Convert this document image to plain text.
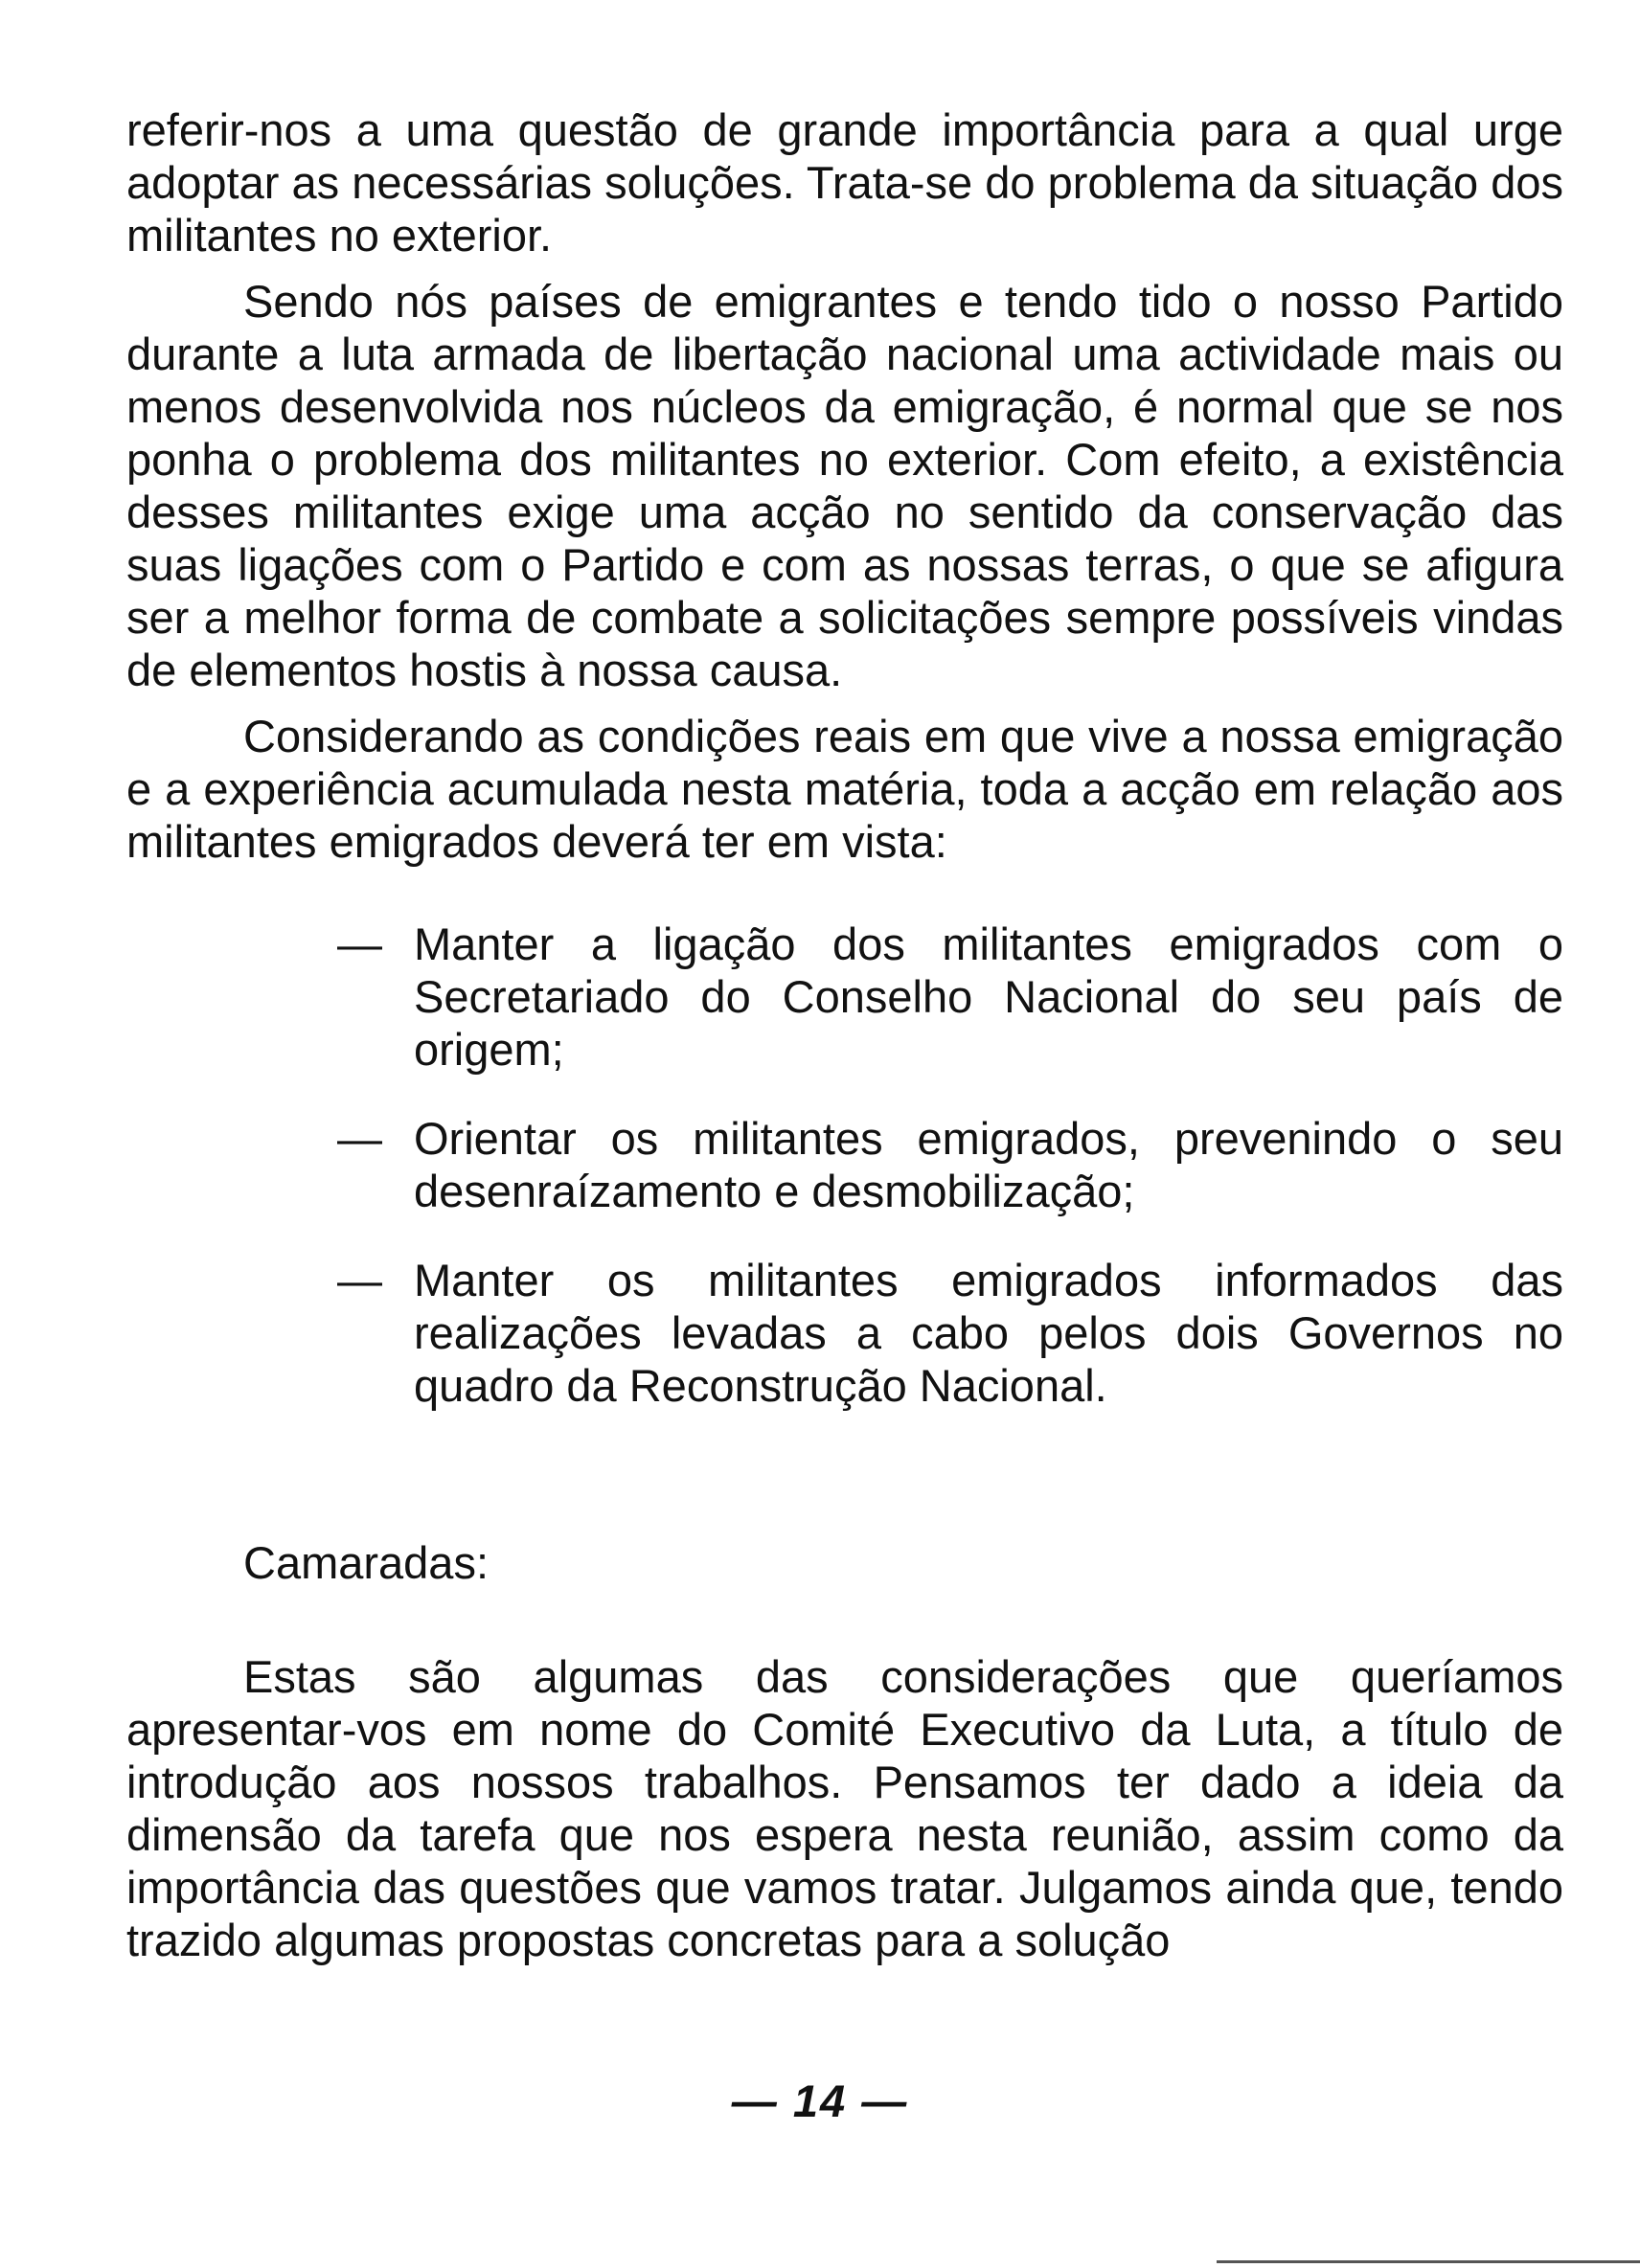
referir-nos a uma questão de grande importância para a qual urge adoptar as necessárias soluções. Trata-se do problema da situação dos militantes no exterior.

Sendo nós países de emigrantes e tendo tido o nosso Partido durante a luta armada de libertação nacional uma actividade mais ou menos desenvolvida nos núcleos da emigração, é normal que se nos ponha o problema dos militantes no exterior. Com efeito, a existência desses militantes exige uma acção no sentido da conservação das suas ligações com o Partido e com as nossas terras, o que se afigura ser a melhor forma de combate a solicitações sempre possíveis vindas de elementos hostis à nossa causa.

Considerando as condições reais em que vive a nossa emigração e a experiência acumulada nesta matéria, toda a acção em relação aos militantes emigrados deverá ter em vista:

— Manter a ligação dos militantes emigrados com o Secretariado do Conselho Nacional do seu país de origem;
— Orientar os militantes emigrados, prevenindo o seu desenraízamento e desmobilização;
— Manter os militantes emigrados informados das realizações levadas a cabo pelos dois Governos no quadro da Reconstrução Nacional.
Camaradas:

Estas são algumas das considerações que queríamos apresentar-vos em nome do Comité Executivo da Luta, a título de introdução aos nossos trabalhos. Pensamos ter dado a ideia da dimensão da tarefa que nos espera nesta reunião, assim como da importância das questões que vamos tratar. Julgamos ainda que, tendo trazido algumas propostas concretas para a solução

— 14 —
